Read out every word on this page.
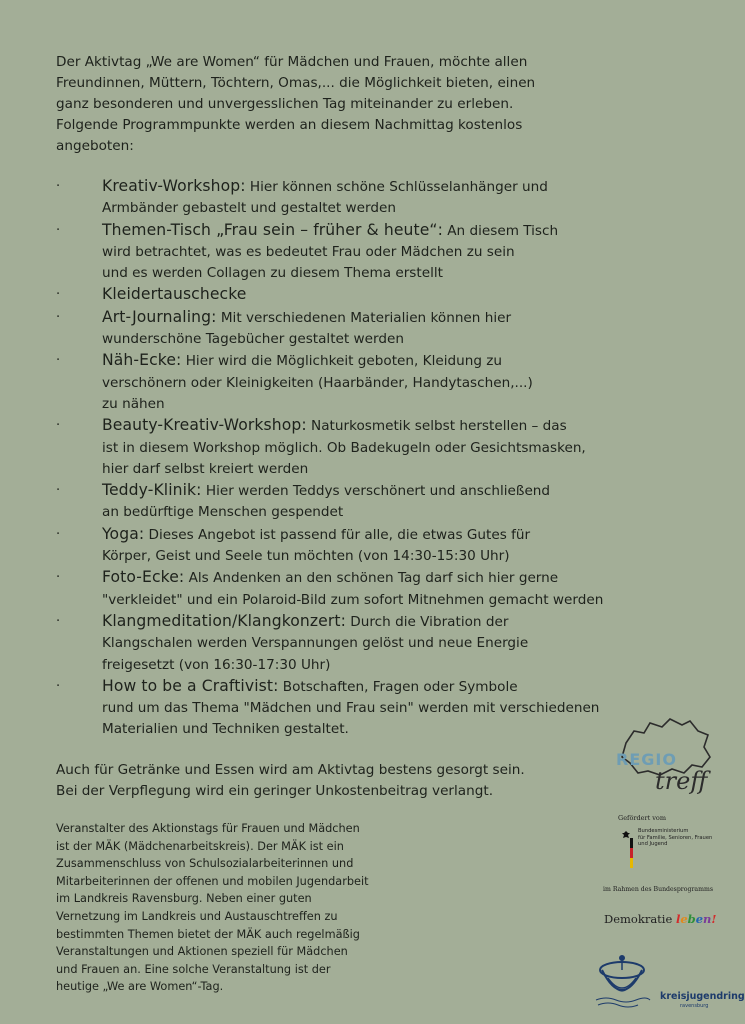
Der Aktivtag „We are Women“ für Mädchen und Frauen, möchte allen

Freundinnen, Müttern, Töchtern, Omas,... die Möglichkeit bieten, einen

ganz besonderen und unvergesslichen Tag miteinander zu erleben.

Folgende Programmpunkte werden an diesem Nachmittag kostenlos

angeboten:

·	Kreativ-Workshop: Hier können schöne Schlüsselanhänger und
Armbänder gebastelt und gestaltet werden
·	Themen-Tisch „Frau sein – früher & heute“: An diesem Tisch
wird betrachtet, was es bedeutet Frau oder Mädchen zu sein
und es werden Collagen zu diesem Thema erstellt
·	Kleidertauschecke
·	Art-Journaling: Mit verschiedenen Materialien können hier
wunderschöne Tagebücher gestaltet werden
·	Näh-Ecke: Hier wird die Möglichkeit geboten, Kleidung zu
verschönern oder Kleinigkeiten (Haarbänder, Handytaschen,...)
zu nähen
·	Beauty-Kreativ-Workshop: Naturkosmetik selbst herstellen – das
ist in diesem Workshop möglich. Ob Badekugeln oder Gesichtsmasken,
hier darf selbst kreiert werden
·	Teddy-Klinik: Hier werden Teddys verschönert und anschließend
an bedürftige Menschen gespendet
·	Yoga: Dieses Angebot ist passend für alle, die etwas Gutes für
Körper, Geist und Seele tun möchten (von 14:30-15:30 Uhr)
·	Foto-Ecke: Als Andenken an den schönen Tag darf sich hier gerne
"verkleidet" und ein Polaroid-Bild zum sofort Mitnehmen gemacht werden
·	Klangmeditation/Klangkonzert: Durch die Vibration der
Klangschalen werden Verspannungen gelöst und neue Energie
freigesetzt (von 16:30-17:30 Uhr)
·	How to be a Craftivist: Botschaften, Fragen oder Symbole
rund um das Thema "Mädchen und Frau sein" werden mit verschiedenen
Materialien und Techniken gestaltet.

Auch für Getränke und Essen wird am Aktivtag bestens gesorgt sein.

Bei der Verpflegung wird ein geringer Unkostenbeitrag verlangt.

Veranstalter des Aktionstags für Frauen und Mädchen

ist der MÄK (Mädchenarbeitskreis). Der MÄK ist ein

Zusammenschluss von Schulsozialarbeiterinnen und

Mitarbeiterinnen der offenen und mobilen Jugendarbeit

im Landkreis Ravensburg. Neben einer guten

Vernetzung im Landkreis und Austauschtreffen zu

bestimmten Themen bietet der MÄK auch regelmäßig

Veranstaltungen und Aktionen speziell für Mädchen

und Frauen an. Eine solche Veranstaltung ist der

heutige „We are Women“-Tag.

REGIO
treff
Gefördert vom
Bundesministerium
für Familie, Senioren, Frauen
und Jugend
im Rahmen des Bundesprogramms
Demokratie leben!
kreisjugendring
ravensburg
